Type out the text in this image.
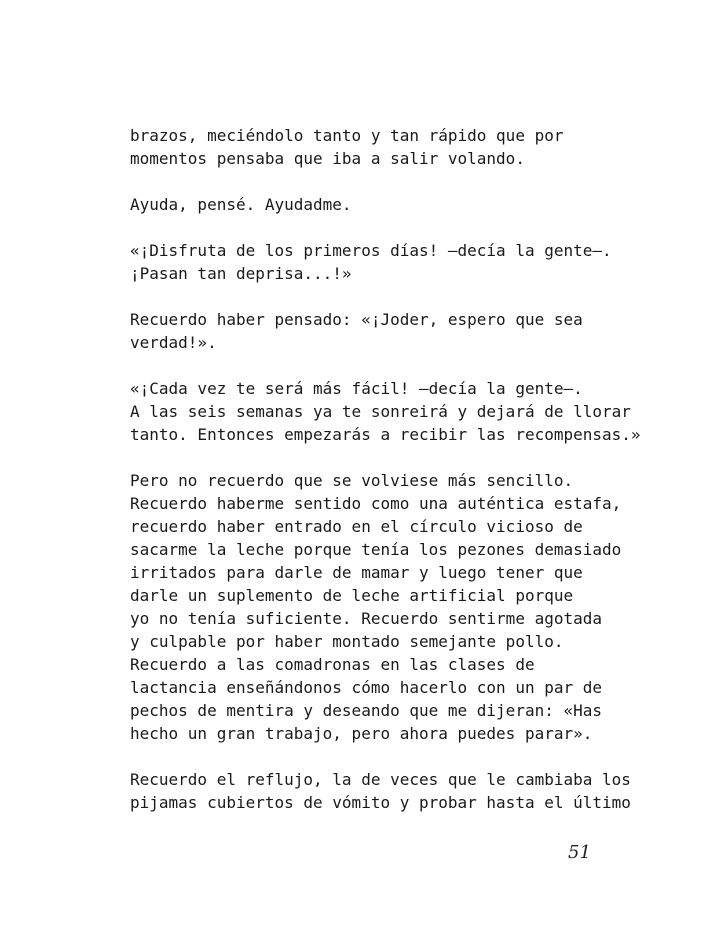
brazos, meciéndolo tanto y tan rápido que por
momentos pensaba que iba a salir volando.

Ayuda, pensé. Ayudadme.

«¡Disfruta de los primeros días! —decía la gente—.
¡Pasan tan deprisa...!»

Recuerdo haber pensado: «¡Joder, espero que sea
verdad!».

«¡Cada vez te será más fácil! —decía la gente—.
A las seis semanas ya te sonreirá y dejará de llorar
tanto. Entonces empezarás a recibir las recompensas.»

Pero no recuerdo que se volviese más sencillo.
Recuerdo haberme sentido como una auténtica estafa,
recuerdo haber entrado en el círculo vicioso de
sacarme la leche porque tenía los pezones demasiado
irritados para darle de mamar y luego tener que
darle un suplemento de leche artificial porque
yo no tenía suficiente. Recuerdo sentirme agotada
y culpable por haber montado semejante pollo.
Recuerdo a las comadronas en las clases de
lactancia enseñándonos cómo hacerlo con un par de
pechos de mentira y deseando que me dijeran: «Has
hecho un gran trabajo, pero ahora puedes parar».

Recuerdo el reflujo, la de veces que le cambiaba los
pijamas cubiertos de vómito y probar hasta el último

51
